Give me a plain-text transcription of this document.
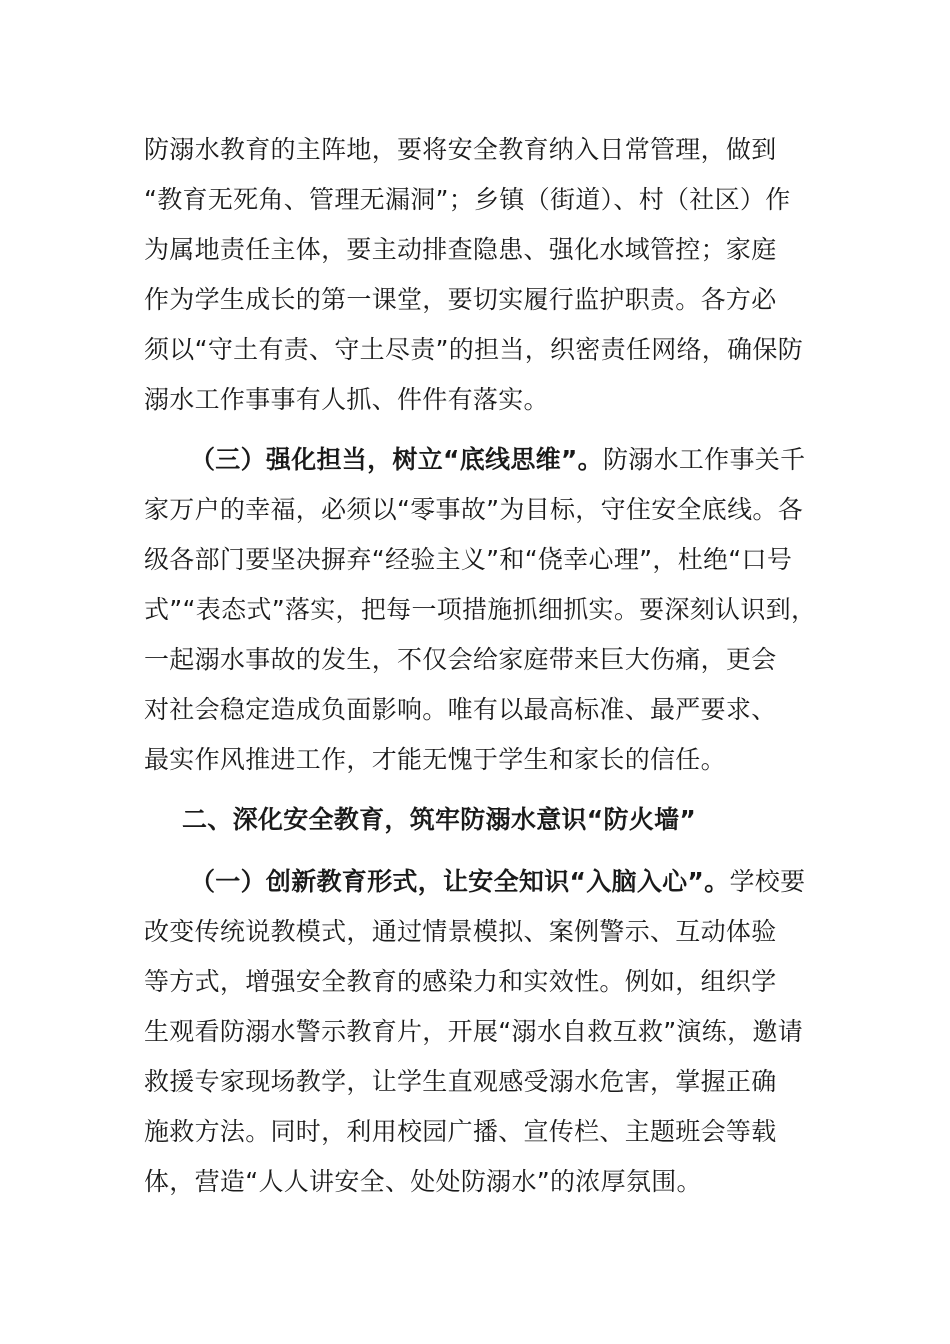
防溺水教育的主阵地，要将安全教育纳入日常管理，做到
“教育无死角、管理无漏洞”；乡镇（街道）、村（社区）作
为属地责任主体，要主动排查隐患、强化水域管控；家庭
作为学生成长的第一课堂，要切实履行监护职责。各方必
须以“守土有责、守土尽责”的担当，织密责任网络，确保防
溺水工作事事有人抓、件件有落实。
（三）强化担当，树立“底线思维”。防溺水工作事关千
家万户的幸福，必须以“零事故”为目标，守住安全底线。各
级各部门要坚决摒弃“经验主义”和“侥幸心理”，杜绝“口号
式”“表态式”落实，把每一项措施抓细抓实。要深刻认识到，
一起溺水事故的发生，不仅会给家庭带来巨大伤痛，更会
对社会稳定造成负面影响。唯有以最高标准、最严要求、
最实作风推进工作，才能无愧于学生和家长的信任。
二、深化安全教育，筑牢防溺水意识“防火墙”
（一）创新教育形式，让安全知识“入脑入心”。学校要
改变传统说教模式，通过情景模拟、案例警示、互动体验
等方式，增强安全教育的感染力和实效性。例如，组织学
生观看防溺水警示教育片，开展“溺水自救互救”演练，邀请
救援专家现场教学，让学生直观感受溺水危害，掌握正确
施救方法。同时，利用校园广播、宣传栏、主题班会等载
体，营造“人人讲安全、处处防溺水”的浓厚氛围。
